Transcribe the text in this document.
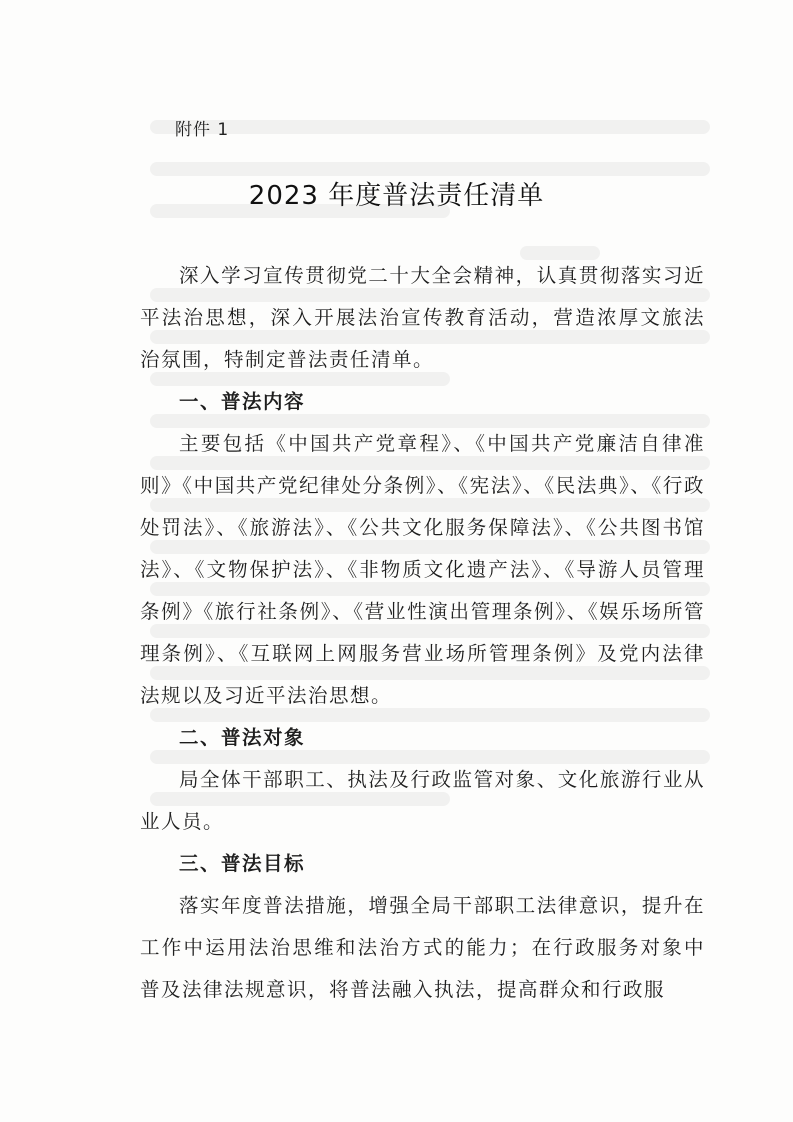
附件 1
2023 年度普法责任清单

深入学习宣传贯彻党二十大全会精神，认真贯彻落实习近平法治思想，深入开展法治宣传教育活动，营造浓厚文旅法治氛围，特制定普法责任清单。

一、普法内容

主要包括《中国共产党章程》、《中国共产党廉洁自律准则》《中国共产党纪律处分条例》、《宪法》、《民法典》、《行政处罚法》、《旅游法》、《公共文化服务保障法》、《公共图书馆法》、《文物保护法》、《非物质文化遗产法》、《导游人员管理条例》《旅行社条例》、《营业性演出管理条例》、《娱乐场所管理条例》、《互联网上网服务营业场所管理条例》及党内法律法规以及习近平法治思想。

二、普法对象

局全体干部职工、执法及行政监管对象、文化旅游行业从业人员。

三、普法目标

落实年度普法措施，增强全局干部职工法律意识，提升在工作中运用法治思维和法治方式的能力；在行政服务对象中普及法律法规意识，将普法融入执法，提高群众和行政服
